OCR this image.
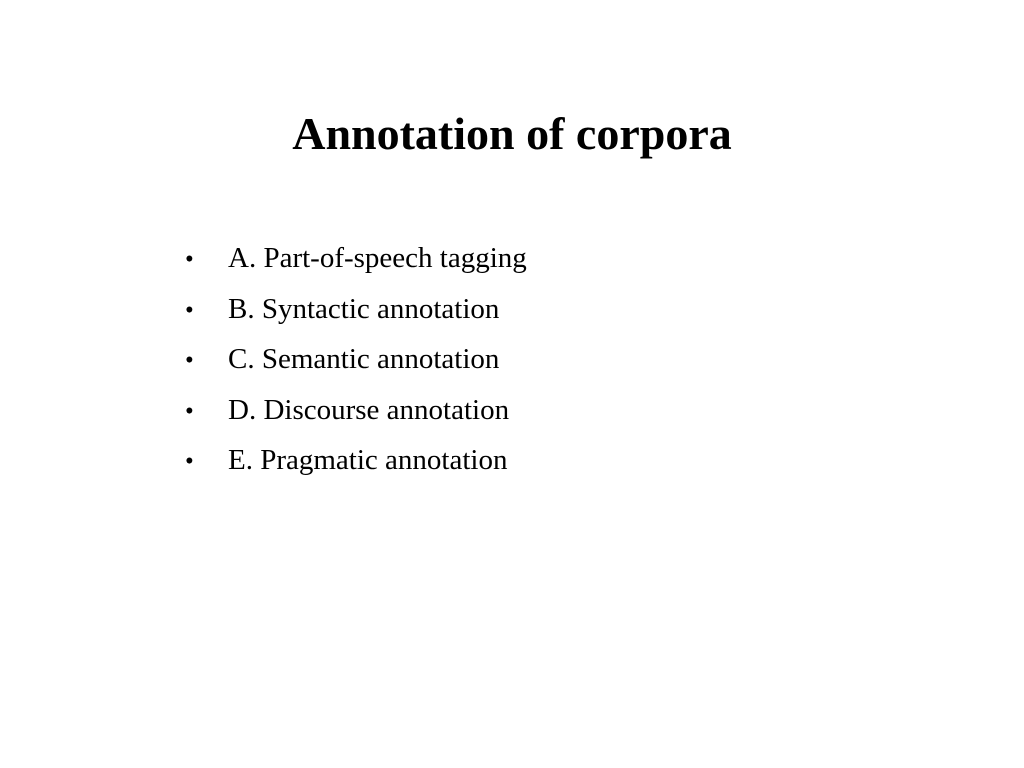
Annotation of corpora
•	A. Part-of-speech tagging
•	B. Syntactic annotation
•	C. Semantic annotation
•	D. Discourse annotation
•	E. Pragmatic annotation
